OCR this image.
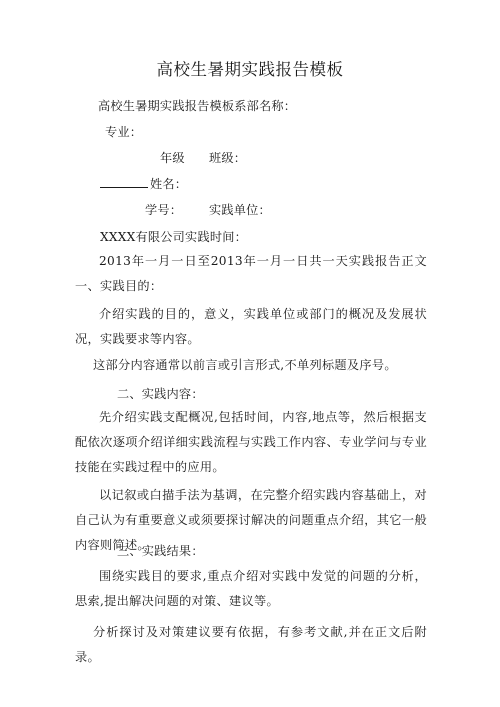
高校生暑期实践报告模板
高校生暑期实践报告模板系部名称：
专业：
年级 班级：
姓名：
学号： 实践单位：
XXXX有限公司实践时间：
2013年一月一日至2013年一月一日共一天实践报告正文一、实践目的：
介绍实践的目的，意义，实践单位或部门的概况及发展状况，实践要求等内容。
这部分内容通常以前言或引言形式,不单列标题及序号。
二、实践内容：
先介绍实践支配概况,包括时间，内容,地点等，然后根据支配依次逐项介绍详细实践流程与实践工作内容、专业学问与专业技能在实践过程中的应用。
以记叙或白描手法为基调，在完整介绍实践内容基础上，对自己认为有重要意义或须要探讨解决的问题重点介绍，其它一般内容则简述。
三、实践结果：
围绕实践目的要求,重点介绍对实践中发觉的问题的分析，思索,提出解决问题的对策、建议等。
分析探讨及对策建议要有依据，有参考文献,并在正文后附录。
